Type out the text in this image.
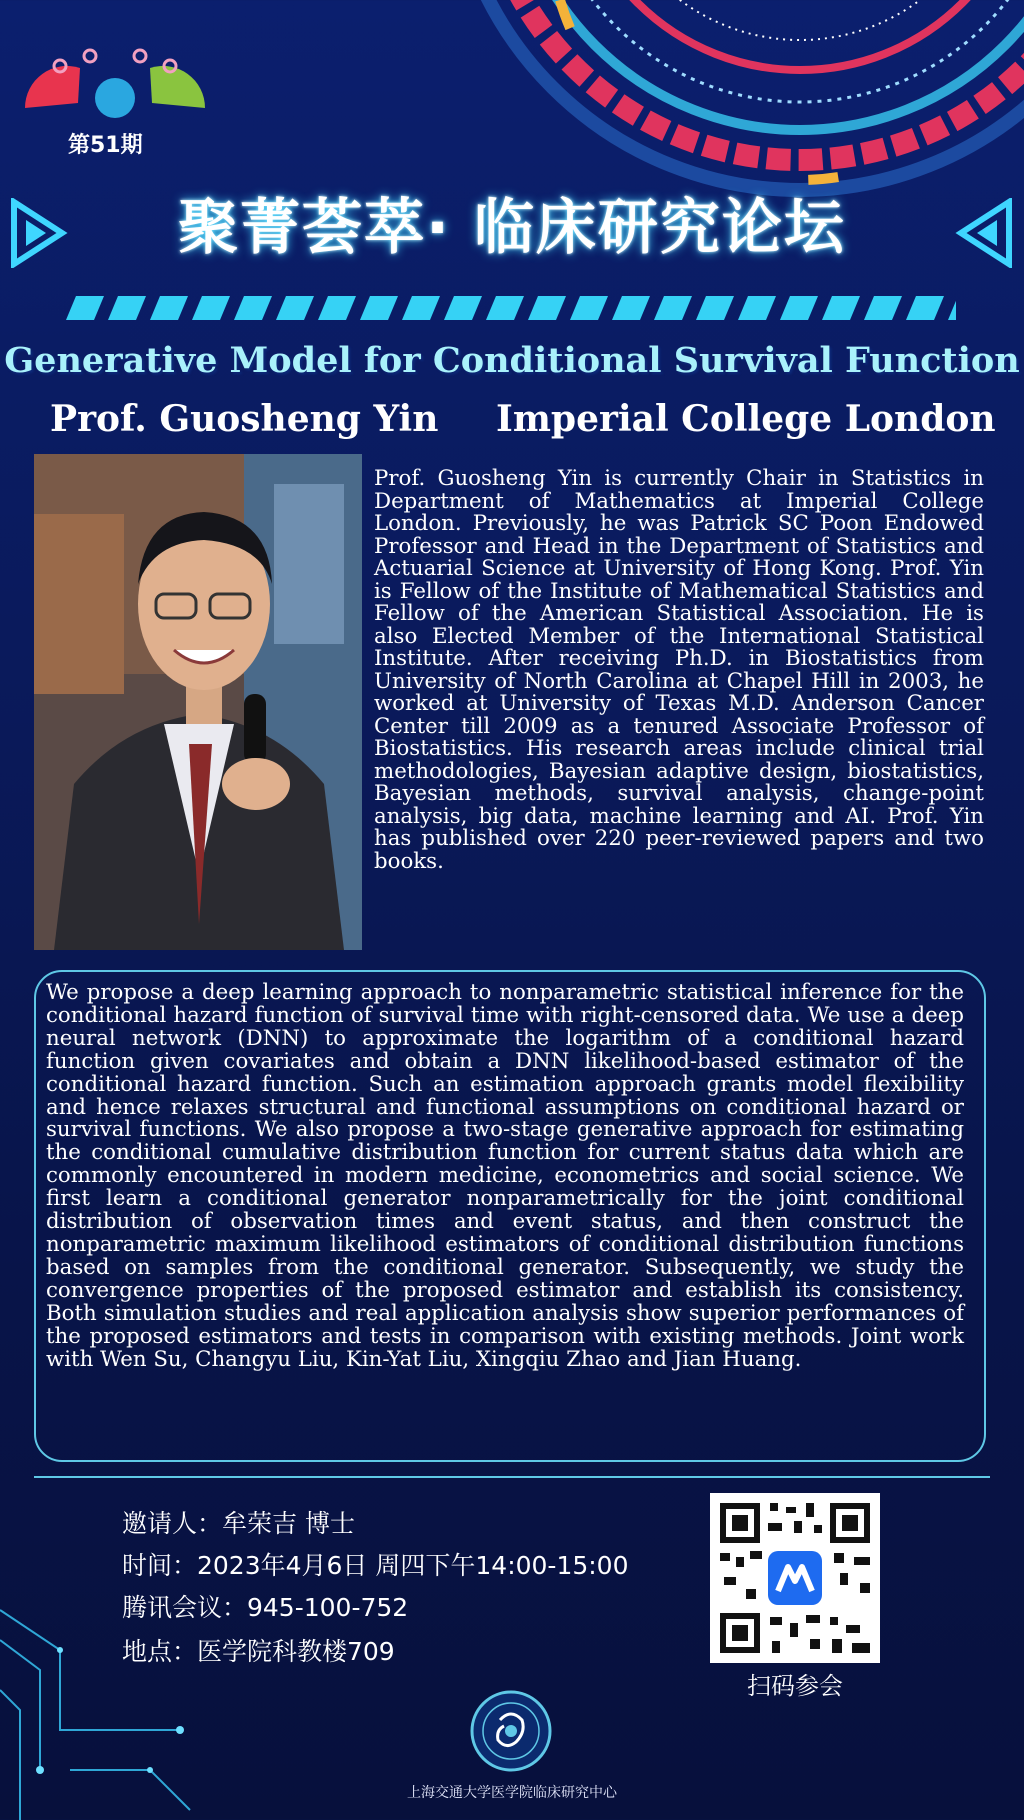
第51期
聚菁荟萃· 临床研究论坛
Generative Model for Conditional Survival Function
Prof. Guosheng Yin Imperial College London
Prof. Guosheng Yin is currently Chair in Statistics in Department of Mathematics at Imperial College London. Previously, he was Patrick SC Poon Endowed Professor and Head in the Department of Statistics and Actuarial Science at University of Hong Kong. Prof. Yin is Fellow of the Institute of Mathematical Statistics and Fellow of the American Statistical Association. He is also Elected Member of the International Statistical Institute. After receiving Ph.D. in Biostatistics from University of North Carolina at Chapel Hill in 2003, he worked at University of Texas M.D. Anderson Cancer Center till 2009 as a tenured Associate Professor of Biostatistics. His research areas include clinical trial methodologies, Bayesian adaptive design, biostatistics, Bayesian methods, survival analysis, change-point analysis, big data, machine learning and AI. Prof. Yin has published over 220 peer-reviewed papers and two books.
We propose a deep learning approach to nonparametric statistical inference for the conditional hazard function of survival time with right-censored data. We use a deep neural network (DNN) to approximate the logarithm of a conditional hazard function given covariates and obtain a DNN likelihood-based estimator of the conditional hazard function. Such an estimation approach grants model flexibility and hence relaxes structural and functional assumptions on conditional hazard or survival functions. We also propose a two-stage generative approach for estimating the conditional cumulative distribution function for current status data which are commonly encountered in modern medicine, econometrics and social science. We first learn a conditional generator nonparametrically for the joint conditional distribution of observation times and event status, and then construct the nonparametric maximum likelihood estimators of conditional distribution functions based on samples from the conditional generator. Subsequently, we study the convergence properties of the proposed estimator and establish its consistency. Both simulation studies and real application analysis show superior performances of the proposed estimators and tests in comparison with existing methods. Joint work with Wen Su, Changyu Liu, Kin-Yat Liu, Xingqiu Zhao and Jian Huang.
邀请人：牟荣吉 博士
时间：2023年4月6日 周四下午14:00-15:00
腾讯会议：945-100-752
地点：医学院科教楼709
扫码参会
上海交通大学医学院临床研究中心
